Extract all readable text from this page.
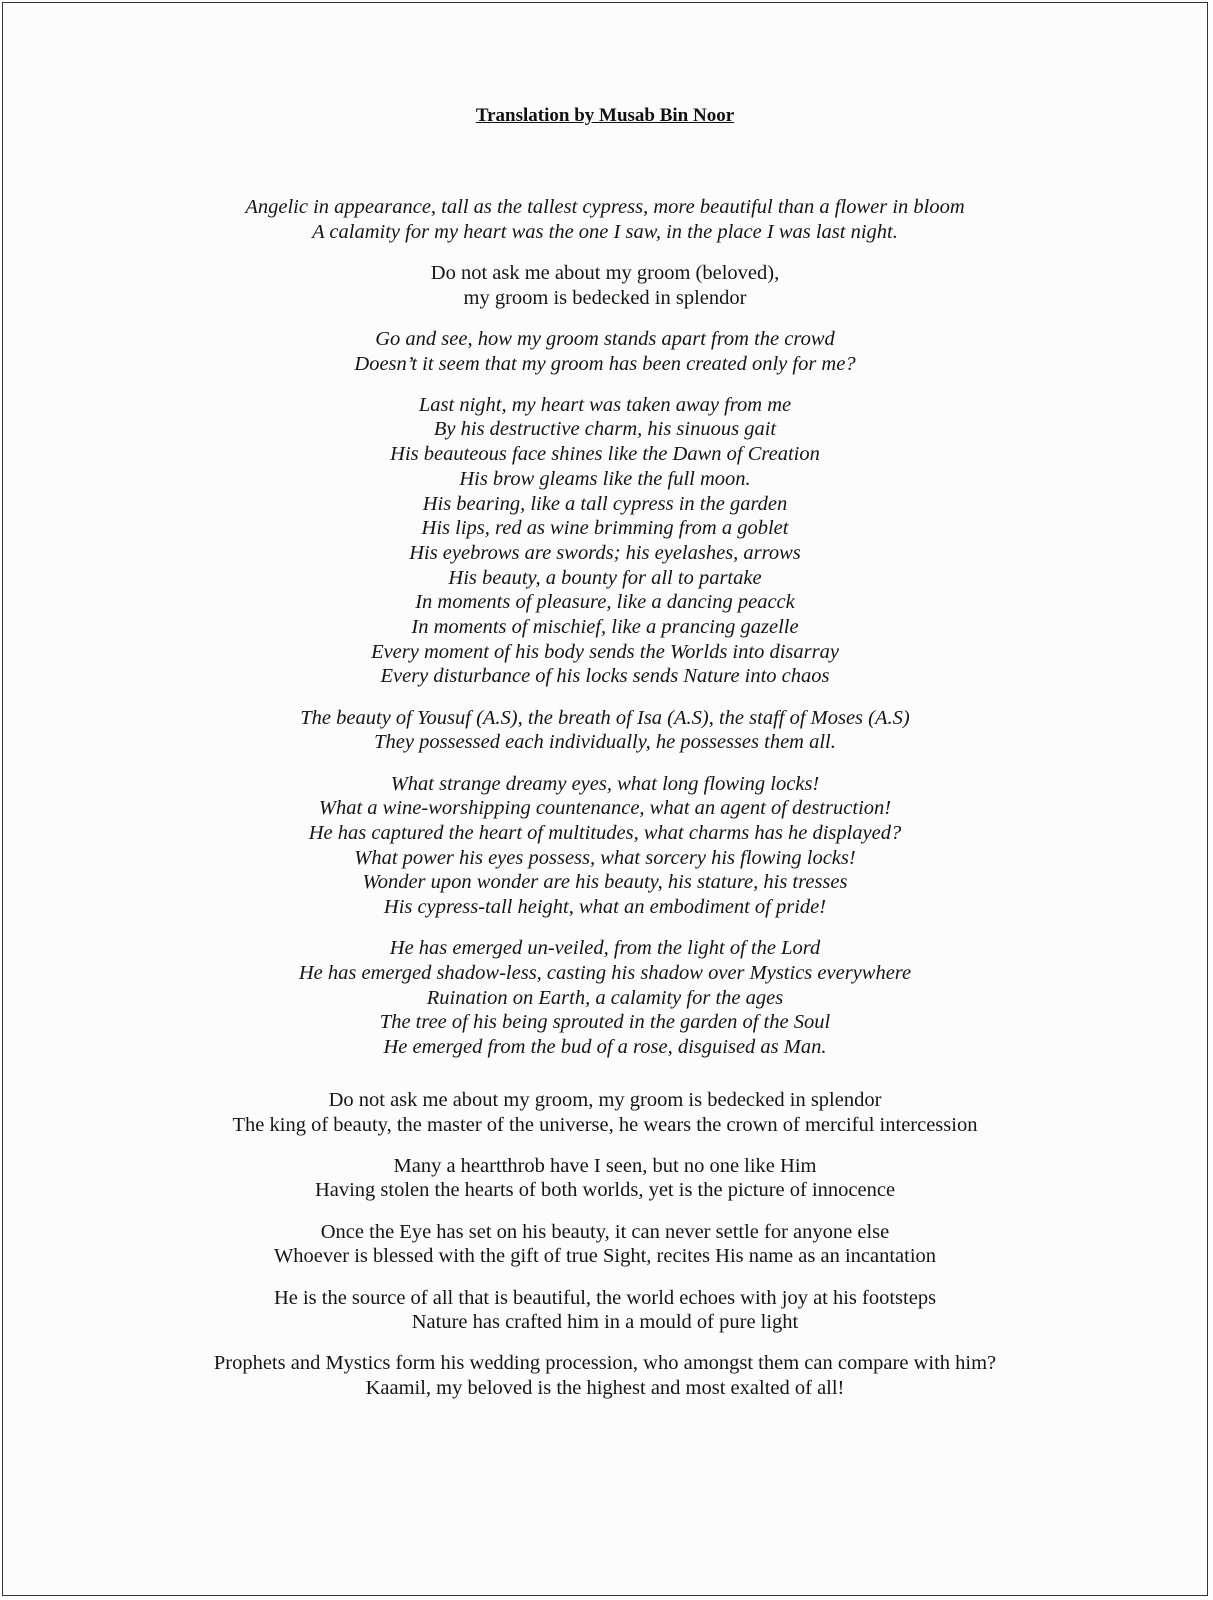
Translation by Musab Bin Noor
Angelic in appearance, tall as the tallest cypress, more beautiful than a flower in bloom
A calamity for my heart was the one I saw, in the place I was last night.
Do not ask me about my groom (beloved),
my groom is bedecked in splendor
Go and see, how my groom stands apart from the crowd
Doesn’t it seem that my groom has been created only for me?
Last night, my heart was taken away from me
By his destructive charm, his sinuous gait
His beauteous face shines like the Dawn of Creation
His brow gleams like the full moon.
His bearing, like a tall cypress in the garden
His lips, red as wine brimming from a goblet
His eyebrows are swords; his eyelashes, arrows
His beauty, a bounty for all to partake
In moments of pleasure, like a dancing peacck
In moments of mischief, like a prancing gazelle
Every moment of his body sends the Worlds into disarray
Every disturbance of his locks sends Nature into chaos
The beauty of Yousuf (A.S), the breath of Isa (A.S), the staff of Moses (A.S)
They possessed each individually, he possesses them all.
What strange dreamy eyes, what long flowing locks!
What a wine-worshipping countenance, what an agent of destruction!
He has captured the heart of multitudes, what charms has he displayed?
What power his eyes possess, what sorcery his flowing locks!
Wonder upon wonder are his beauty, his stature, his tresses
His cypress-tall height, what an embodiment of pride!
He has emerged un-veiled, from the light of the Lord
He has emerged shadow-less, casting his shadow over Mystics everywhere
Ruination on Earth, a calamity for the ages
The tree of his being sprouted in the garden of the Soul
He emerged from the bud of a rose, disguised as Man.
Do not ask me about my groom, my groom is bedecked in splendor
The king of beauty, the master of the universe, he wears the crown of merciful intercession
Many a heartthrob have I seen, but no one like Him
Having stolen the hearts of both worlds, yet is the picture of innocence
Once the Eye has set on his beauty, it can never settle for anyone else
Whoever is blessed with the gift of true Sight, recites His name as an incantation
He is the source of all that is beautiful, the world echoes with joy at his footsteps
Nature has crafted him in a mould of pure light
Prophets and Mystics form his wedding procession, who amongst them can compare with him?
Kaamil, my beloved is the highest and most exalted of all!
